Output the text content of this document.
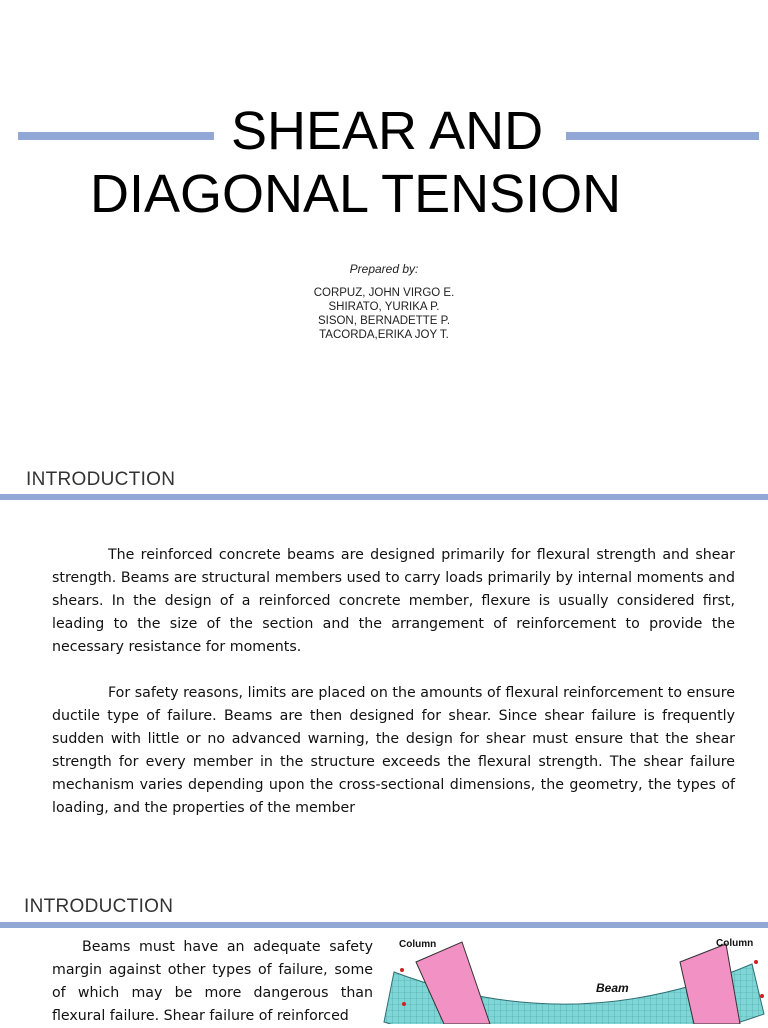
SHEAR AND
DIAGONAL TENSION
Prepared by:
CORPUZ, JOHN VIRGO E.
SHIRATO, YURIKA P.
SISON, BERNADETTE P.
TACORDA,ERIKA JOY T.
INTRODUCTION

The reinforced concrete beams are designed primarily for flexural strength and shear strength. Beams are structural members used to carry loads primarily by internal moments and shears. In the design of a reinforced concrete member, flexure is usually considered first, leading to the size of the section and the arrangement of reinforcement to provide the necessary resistance for moments.

For safety reasons, limits are placed on the amounts of flexural reinforcement to ensure ductile type of failure. Beams are then designed for shear. Since shear failure is frequently sudden with little or no advanced warning, the design for shear must ensure that the shear strength for every member in the structure exceeds the flexural strength. The shear failure mechanism varies depending upon the cross-sectional dimensions, the geometry, the types of loading, and the properties of the member

INTRODUCTION

Beams must have an adequate safety margin against other types of failure, some of which may be more dangerous than flexural failure. Shear failure of reinforced

Column	Column
Beam
